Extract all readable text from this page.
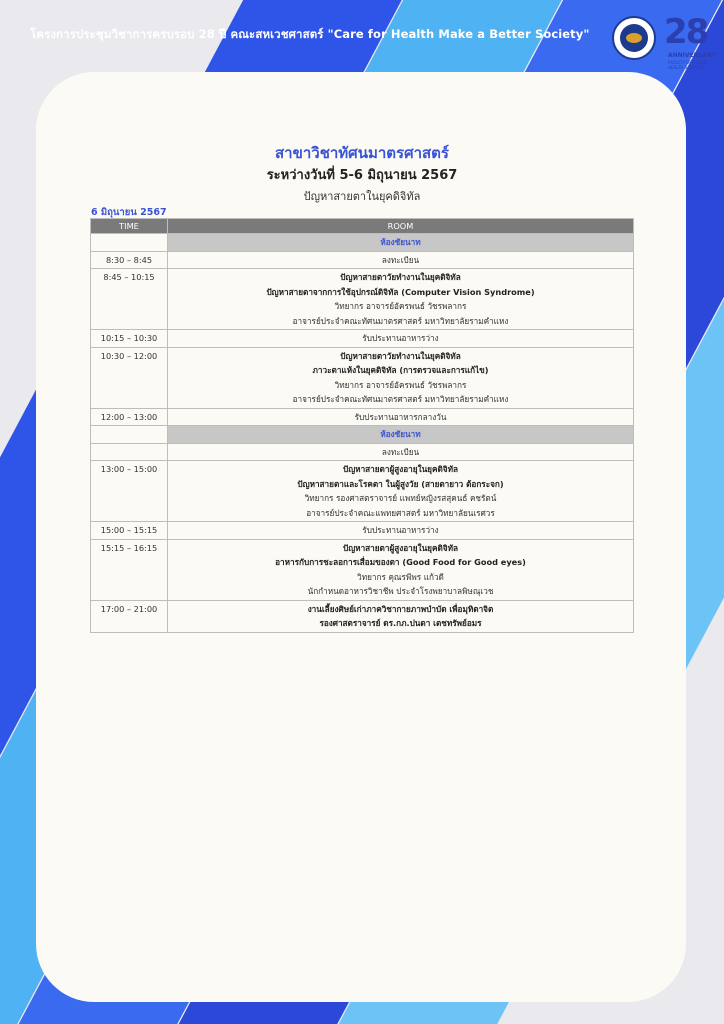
โครงการประชุมวิชาการครบรอบ 28 ปี คณะสหเวชศาสตร์ "Care for Health Make a Better Society" 28
ANNIVERSARY
FACULTY OF ALLIED HEALTH SCIENCES
สาขาวิชาทัศนมาตรศาสตร์
ระหว่างวันที่ 5-6 มิถุนายน 2567
ปัญหาสายตาในยุคดิจิทัล
6 มิถุนายน 2567
TIME	ROOM
	ห้องชัยนาท
8:30 – 8:45	ลงทะเบียน

8:45 – 10:15	ปัญหาสายตาวัยทำงานในยุคดิจิทัล
ปัญหาสายตาจากการใช้อุปกรณ์ดิจิทัล (Computer Vision Syndrome)
วิทยากร อาจารย์อัครพนธ์ วัชรพลากร
อาจารย์ประจำคณะทัศนมาตรศาสตร์ มหาวิทยาลัยรามคำแหง

10:15 – 10:30	รับประทานอาหารว่าง

10:30 – 12:00	ปัญหาสายตาวัยทำงานในยุคดิจิทัล
ภาวะตาแห้งในยุคดิจิทัล (การตรวจและการแก้ไข)
วิทยากร อาจารย์อัครพนธ์ วัชรพลากร
อาจารย์ประจำคณะทัศนมาตรศาสตร์ มหาวิทยาลัยรามคำแหง

12:00 – 13:00	รับประทานอาหารกลางวัน

	ห้องชัยนาท

	ลงทะเบียน

13:00 – 15:00	ปัญหาสายตาผู้สูงอายุในยุคดิจิทัล
ปัญหาสายตาและโรคตา ในผู้สูงวัย (สายตายาว ต้อกระจก)
วิทยากร รองศาสตราจารย์ แพทย์หญิงรสสุคนธ์ คชรัตน์
อาจารย์ประจำคณะแพทยศาสตร์ มหาวิทยาลัยนเรศวร

15:00 – 15:15	รับประทานอาหารว่าง

15:15 – 16:15	ปัญหาสายตาผู้สูงอายุในยุคดิจิทัล
อาหารกับการชะลอการเสื่อมของตา (Good Food for Good eyes)
วิทยากร คุณรพีพร แก้วดี
นักกำหนดอาหารวิชาชีพ ประจำโรงพยาบาลพิษณุเวช

17:00 – 21:00	งานเลี้ยงศิษย์เก่าภาควิชากายภาพบำบัด เพื่อมุทิตาจิต
รองศาสตราจารย์ ดร.กภ.ปนดา เตชทรัพย์อมร
